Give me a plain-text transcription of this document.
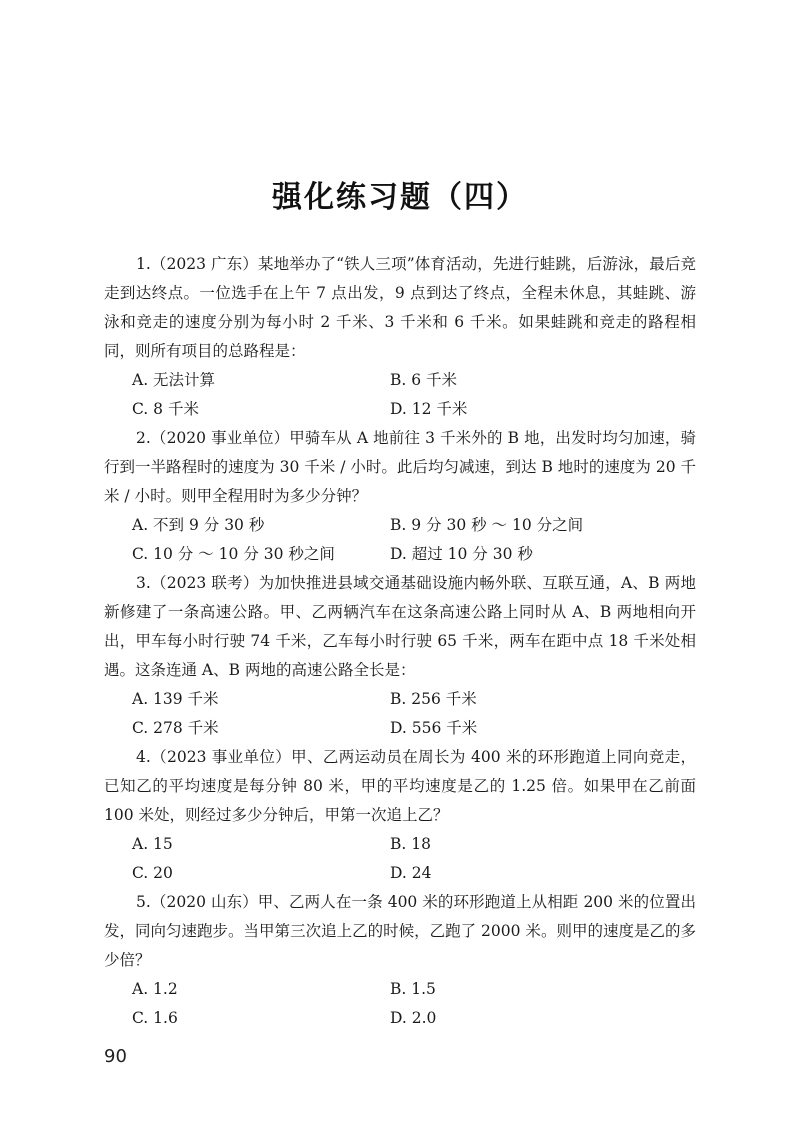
强化练习题（四）

1.（2023 广东）某地举办了“铁人三项”体育活动，先进行蛙跳，后游泳，最后竞走到达终点。一位选手在上午 7 点出发，9 点到达了终点，全程未休息，其蛙跳、游泳和竞走的速度分别为每小时 2 千米、3 千米和 6 千米。如果蛙跳和竞走的路程相同，则所有项目的总路程是：

A. 无法计算	B. 6 千米
C. 8 千米	D. 12 千米

2.（2020 事业单位）甲骑车从 A 地前往 3 千米外的 B 地，出发时均匀加速，骑行到一半路程时的速度为 30 千米 / 小时。此后均匀减速，到达 B 地时的速度为 20 千米 / 小时。则甲全程用时为多少分钟？

A. 不到 9 分 30 秒	B. 9 分 30 秒 ～ 10 分之间
C. 10 分 ～ 10 分 30 秒之间	D. 超过 10 分 30 秒

3.（2023 联考）为加快推进县域交通基础设施内畅外联、互联互通，A、B 两地新修建了一条高速公路。甲、乙两辆汽车在这条高速公路上同时从 A、B 两地相向开出，甲车每小时行驶 74 千米，乙车每小时行驶 65 千米，两车在距中点 18 千米处相遇。这条连通 A、B 两地的高速公路全长是：

A. 139 千米	B. 256 千米
C. 278 千米	D. 556 千米

4.（2023 事业单位）甲、乙两运动员在周长为 400 米的环形跑道上同向竞走，已知乙的平均速度是每分钟 80 米，甲的平均速度是乙的 1.25 倍。如果甲在乙前面 100 米处，则经过多少分钟后，甲第一次追上乙？

A. 15	B. 18
C. 20	D. 24

5.（2020 山东）甲、乙两人在一条 400 米的环形跑道上从相距 200 米的位置出发，同向匀速跑步。当甲第三次追上乙的时候，乙跑了 2000 米。则甲的速度是乙的多少倍？

A. 1.2	B. 1.5
C. 1.6	D. 2.0

90
